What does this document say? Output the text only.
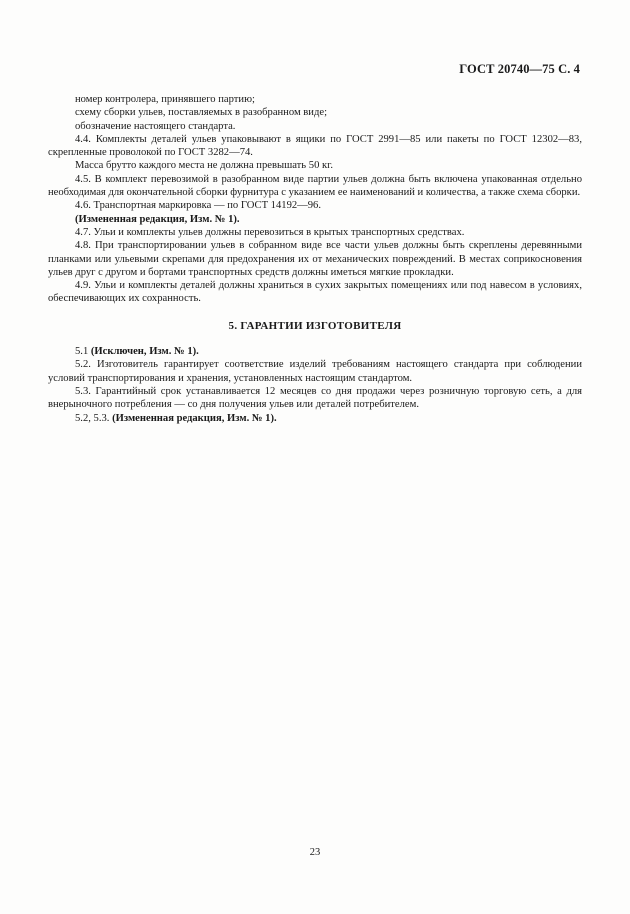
ГОСТ 20740—75 С. 4

номер контролера, принявшего партию;

схему сборки ульев, поставляемых в разобранном виде;

обозначение настоящего стандарта.

4.4. Комплекты деталей ульев упаковывают в ящики по ГОСТ 2991—85 или пакеты по ГОСТ 12302—83, скрепленные проволокой по ГОСТ 3282—74.

Масса брутто каждого места не должна превышать 50 кг.

4.5. В комплект перевозимой в разобранном виде партии ульев должна быть включена упакованная отдельно необходимая для окончательной сборки фурнитура с указанием ее наименований и количества, а также схема сборки.

4.6. Транспортная маркировка — по ГОСТ 14192—96.

(Измененная редакция, Изм. № 1).

4.7. Ульи и комплекты ульев должны перевозиться в крытых транспортных средствах.

4.8. При транспортировании ульев в собранном виде все части ульев должны быть скреплены деревянными планками или ульевыми скрепами для предохранения их от механических повреждений. В местах соприкосновения ульев друг с другом и бортами транспортных средств должны иметься мягкие прокладки.

4.9. Ульи и комплекты деталей должны храниться в сухих закрытых помещениях или под навесом в условиях, обеспечивающих их сохранность.

5. ГАРАНТИИ ИЗГОТОВИТЕЛЯ

5.1 (Исключен, Изм. № 1).

5.2. Изготовитель гарантирует соответствие изделий требованиям настоящего стандарта при соблюдении условий транспортирования и хранения, установленных настоящим стандартом.

5.3. Гарантийный срок устанавливается 12 месяцев со дня продажи через розничную торговую сеть, а для внерыночного потребления — со дня получения ульев или деталей потребителем.

5.2, 5.3. (Измененная редакция, Изм. № 1).

23
